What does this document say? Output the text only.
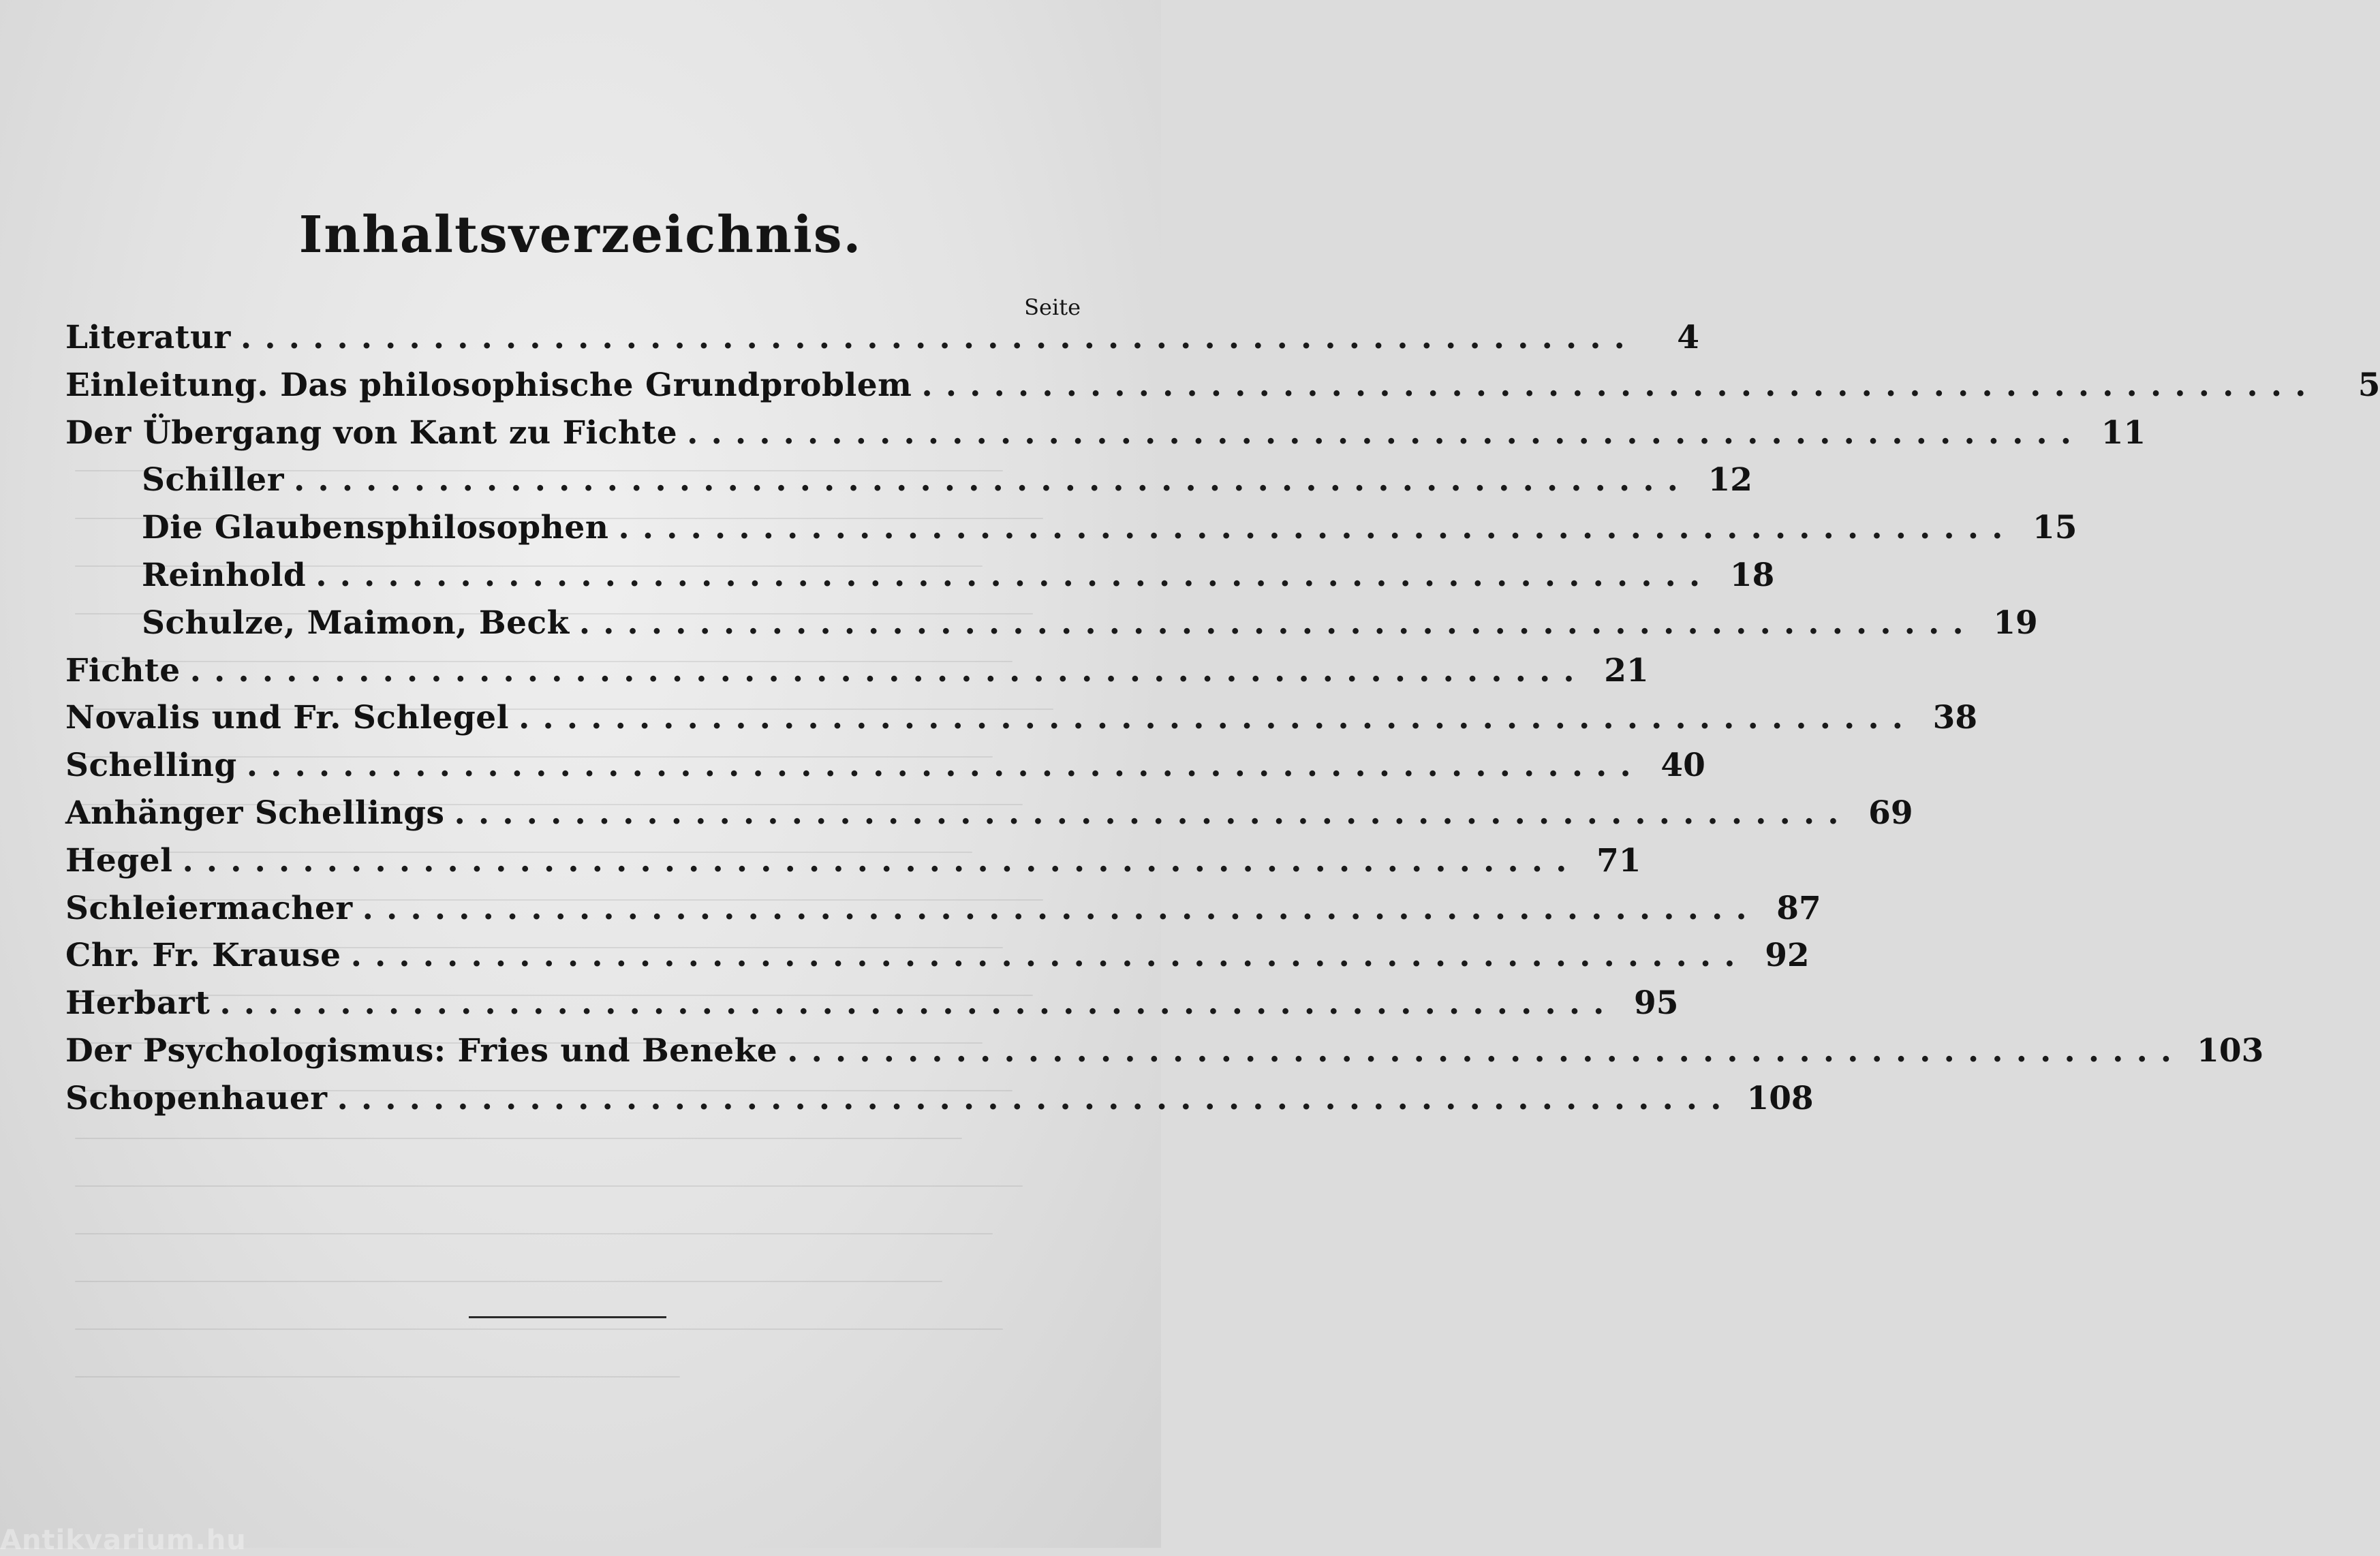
Inhaltsverzeichnis.
Seite
Literatur ..........................................................	4
Einleitung. Das philosophische Grundproblem ..........................................................	5
Der Übergang von Kant zu Fichte .......................................................... 11
Schiller .......................................................... 12
Die Glaubensphilosophen .......................................................... 15
Reinhold .......................................................... 18
Schulze, Maimon, Beck .......................................................... 19
Fichte .......................................................... 21
Novalis und Fr. Schlegel .......................................................... 38
Schelling .......................................................... 40
Anhänger Schellings .......................................................... 69
Hegel .......................................................... 71
Schleiermacher .......................................................... 87
Chr. Fr. Krause .......................................................... 92
Herbart .......................................................... 95
Der Psychologismus: Fries und Beneke .......................................................... 103
Schopenhauer .......................................................... 108
Antikvarium.hu
